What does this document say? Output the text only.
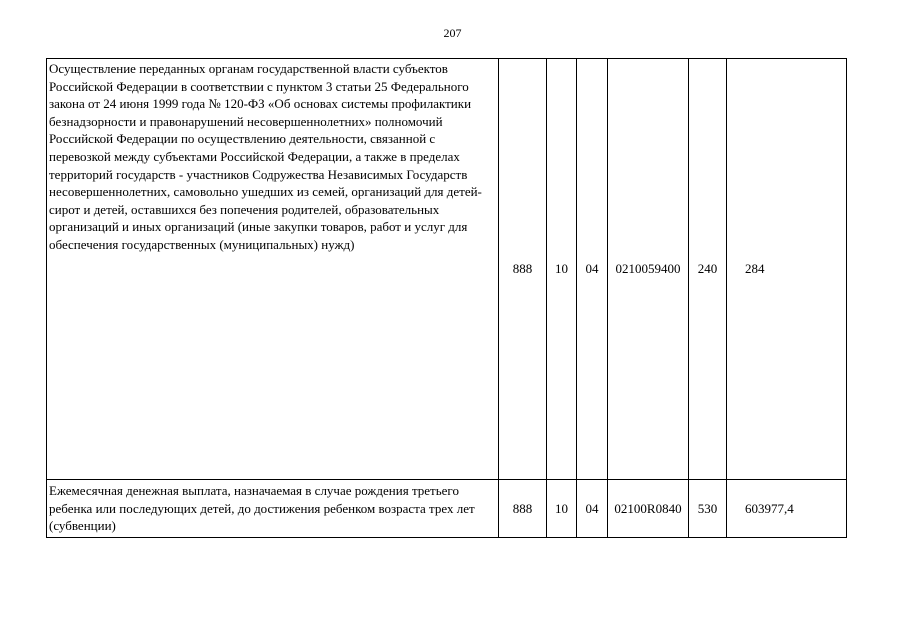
207
Осуществление переданных органам государственной власти субъектов Российской Федерации в соответствии с пунктом 3 статьи 25 Федерального закона от 24 июня 1999 года № 120-ФЗ «Об основах системы профилактики безнадзорности и правонарушений несовершеннолетних» полномочий Российской Федерации по осуществлению деятельности, связанной с перевозкой между субъектами Российской Федерации, а также в пределах территорий государств - участников Содружества Независимых Государств несовершеннолетних, самовольно ушедших из семей, организаций для детей-сирот и детей, оставшихся без попечения родителей, образовательных организаций и иных организаций (иные закупки товаров, работ и услуг для обеспечения государственных (муниципальных) нужд)	888	10	04	0210059400	240	284
Ежемесячная денежная выплата, назначаемая в случае рождения третьего ребенка или последующих детей, до достижения ребенком возраста трех лет (субвенции)	888	10	04	02100R0840	530	603977,4
